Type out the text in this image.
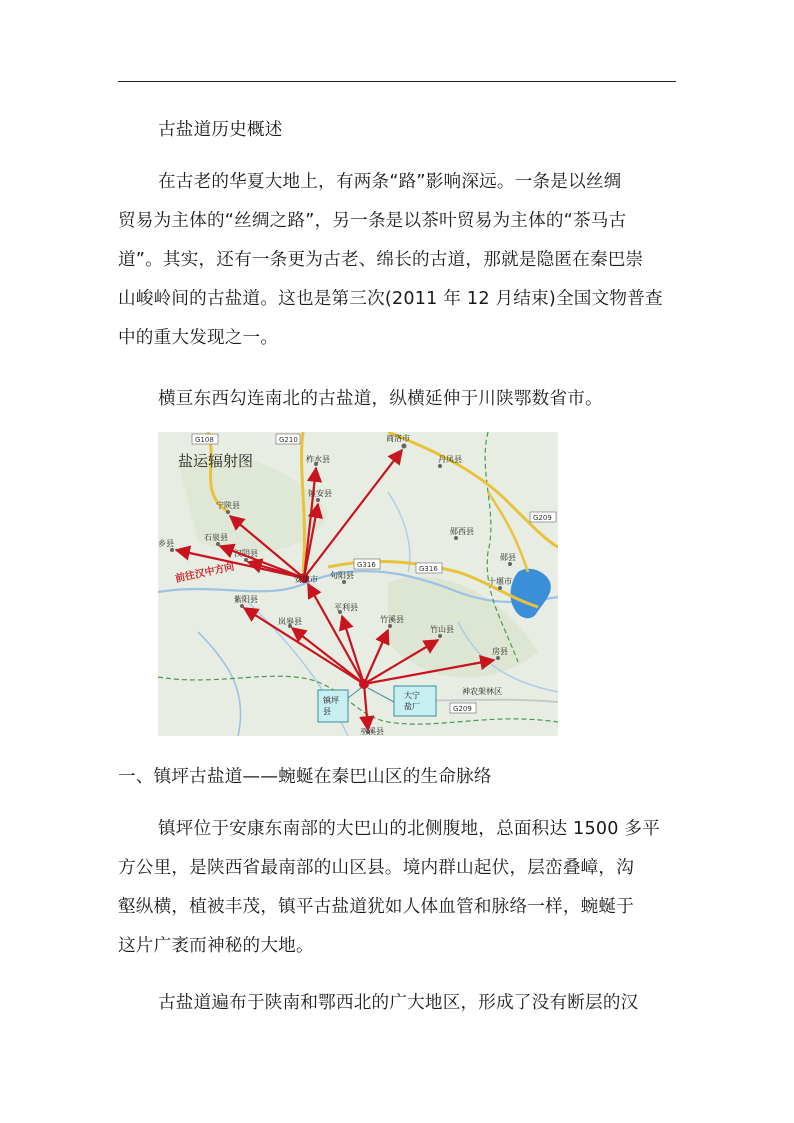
古盐道历史概述

在古老的华夏大地上，有两条“路”影响深远。一条是以丝绸
贸易为主体的“丝绸之路”，另一条是以茶叶贸易为主体的“茶马古
道”。其实，还有一条更为古老、绵长的古道，那就是隐匿在秦巴崇
山峻岭间的古盐道。这也是第三次(2011 年 12 月结束)全国文物普查
中的重大发现之一。

横亘东西勾连南北的古盐道，纵横延伸于川陕鄂数省市。

G108	G210
G316	G316
G209
G209
商洛市
丹凤县
柞水县
镇安县
宁陕县
石泉县
汉阴县
紫阳县
岚皋县
平利县
旬阳县
竹溪县
竹山县
房县
郧西县
郧县
十堰市
巫溪县
乡县
神农架林区
安康市
盐运辐射图
前往汉中方向
镇坪县
大宁盐厂

一、镇坪古盐道——蜿蜒在秦巴山区的生命脉络

镇坪位于安康东南部的大巴山的北侧腹地，总面积达 1500 多平
方公里，是陕西省最南部的山区县。境内群山起伏，层峦叠嶂，沟
壑纵横，植被丰茂，镇平古盐道犹如人体血管和脉络一样，蜿蜒于
这片广袤而神秘的大地。

古盐道遍布于陕南和鄂西北的广大地区，形成了没有断层的汉
